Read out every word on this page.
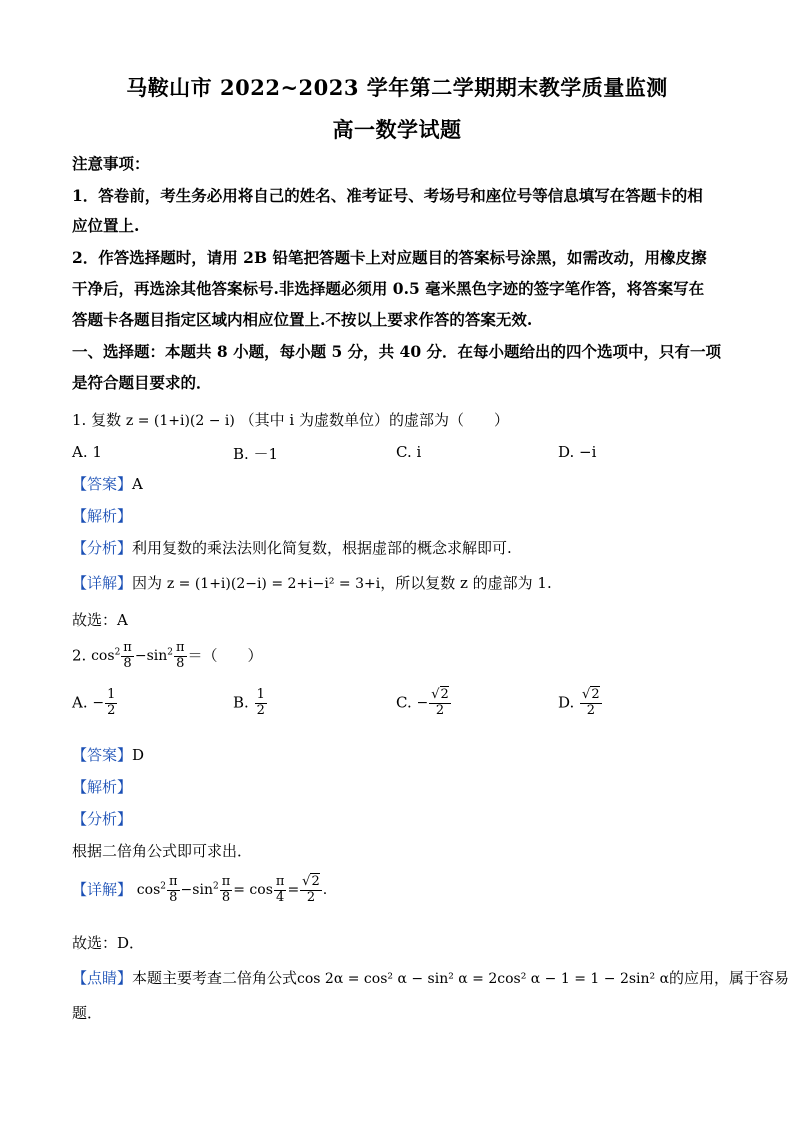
马鞍山市 2022~2023 学年第二学期期末教学质量监测
高一数学试题
注意事项：
1．答卷前，考生务必用将自己的姓名、准考证号、考场号和座位号等信息填写在答题卡的相
应位置上.
2．作答选择题时，请用 2B 铅笔把答题卡上对应题目的答案标号涂黑，如需改动，用橡皮擦
干净后，再选涂其他答案标号.非选择题必须用 0.5 毫米黑色字迹的签字笔作答，将答案写在
答题卡各题目指定区域内相应位置上.不按以上要求作答的答案无效.
一、选择题：本题共 8 小题，每小题 5 分，共 40 分．在每小题给出的四个选项中，只有一项
是符合题目要求的．
1. 复数 z = (1+i)(2 − i) （其中 i 为虚数单位）的虚部为（　　）
A. 1	B. －1	C. i	D. −i
【答案】A
【解析】
【分析】利用复数的乘法法则化简复数，根据虚部的概念求解即可.
【详解】因为 z = (1+i)(2−i) = 2+i−i² = 3+i，所以复数 z 的虚部为 1.
故选：A
2. $\cos^2 \frac{\pi}{8} -\sin^2 \frac{\pi}{8}$ ＝（　　）
A. − $\frac{1}{2}$	B. $\frac{1}{2}$	C. − $\frac{√2}{2}$	D. $\frac{√2}{2}$
【答案】D
【解析】
【分析】
根据二倍角公式即可求出．
【详解】 $\cos^2 \frac{\pi}{8} -\sin^2 \frac{\pi}{8} = \cos \frac{\pi}{4} = \frac{√2}{2}$ .
故选：D．
【点睛】本题主要考查二倍角公式cos 2α = cos² α − sin² α = 2cos² α − 1 = 1 − 2sin² α的应用，属于容易
题．
